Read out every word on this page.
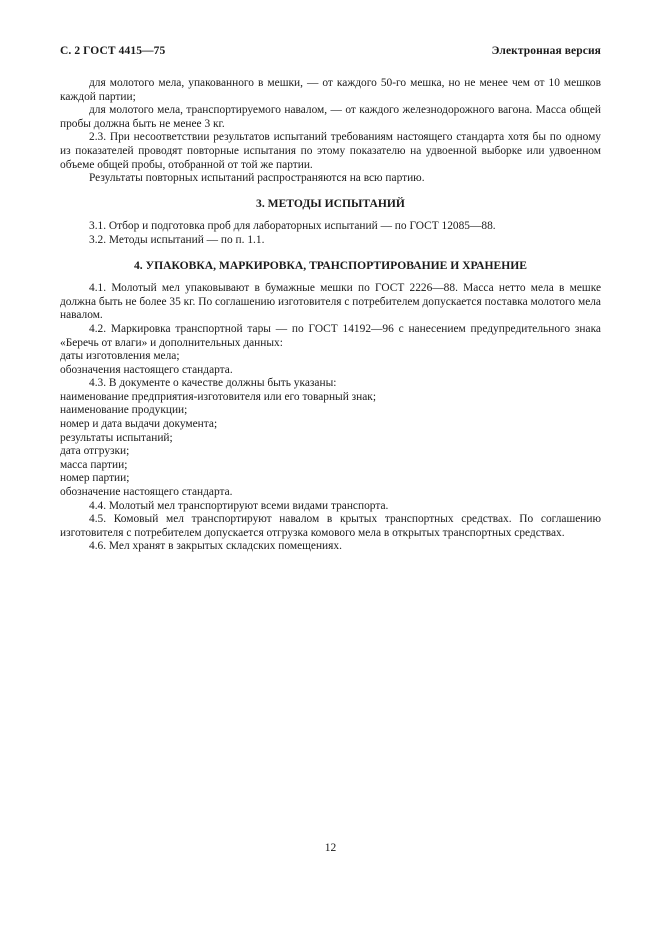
С. 2 ГОСТ 4415—75	Электронная версия

для молотого мела, упакованного в мешки, — от каждого 50-го мешка, но не менее чем от 10 мешков каждой партии;

для молотого мела, транспортируемого навалом, — от каждого железнодорожного вагона. Масса общей пробы должна быть не менее 3 кг.

2.3. При несоответствии результатов испытаний требованиям настоящего стандарта хотя бы по одному из показателей проводят повторные испытания по этому показателю на удвоенной выборке или удвоенном объеме общей пробы, отобранной от той же партии.

Результаты повторных испытаний распространяются на всю партию.

3. МЕТОДЫ ИСПЫТАНИЙ

3.1. Отбор и подготовка проб для лабораторных испытаний — по ГОСТ 12085—88.

3.2. Методы испытаний — по п. 1.1.

4. УПАКОВКА, МАРКИРОВКА, ТРАНСПОРТИРОВАНИЕ И ХРАНЕНИЕ

4.1. Молотый мел упаковывают в бумажные мешки по ГОСТ 2226—88. Масса нетто мела в мешке должна быть не более 35 кг. По соглашению изготовителя с потребителем допускается поставка молотого мела навалом.

4.2. Маркировка транспортной тары — по ГОСТ 14192—96 с нанесением предупредительного знака «Беречь от влаги» и дополнительных данных:

даты изготовления мела;

обозначения настоящего стандарта.

4.3. В документе о качестве должны быть указаны:

наименование предприятия-изготовителя или его товарный знак;

наименование продукции;

номер и дата выдачи документа;

результаты испытаний;

дата отгрузки;

масса партии;

номер партии;

обозначение настоящего стандарта.

4.4. Молотый мел транспортируют всеми видами транспорта.

4.5. Комовый мел транспортируют навалом в крытых транспортных средствах. По соглашению изготовителя с потребителем допускается отгрузка комового мела в открытых транспортных средствах.

4.6. Мел хранят в закрытых складских помещениях.

12
